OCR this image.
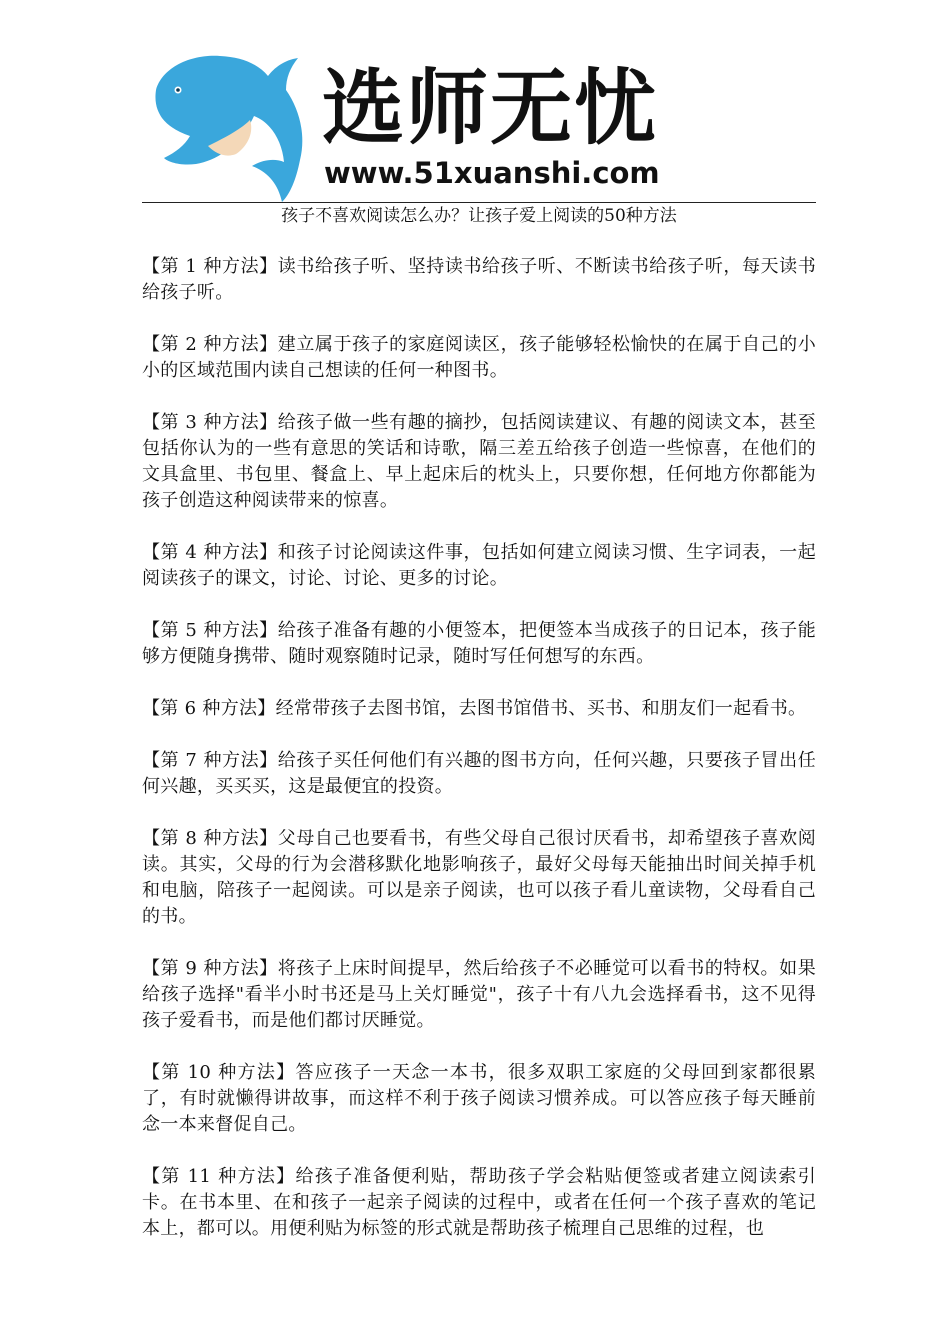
选师无忧
www.51xuanshi.com
孩子不喜欢阅读怎么办？让孩子爱上阅读的50种方法

【第 1 种方法】读书给孩子听、坚持读书给孩子听、不断读书给孩子听，每天读书给孩子听。

【第 2 种方法】建立属于孩子的家庭阅读区，孩子能够轻松愉快的在属于自己的小小的区域范围内读自己想读的任何一种图书。

【第 3 种方法】给孩子做一些有趣的摘抄，包括阅读建议、有趣的阅读文本，甚至包括你认为的一些有意思的笑话和诗歌，隔三差五给孩子创造一些惊喜，在他们的文具盒里、书包里、餐盒上、早上起床后的枕头上，只要你想，任何地方你都能为孩子创造这种阅读带来的惊喜。

【第 4 种方法】和孩子讨论阅读这件事，包括如何建立阅读习惯、生字词表，一起阅读孩子的课文，讨论、讨论、更多的讨论。

【第 5 种方法】给孩子准备有趣的小便签本，把便签本当成孩子的日记本，孩子能够方便随身携带、随时观察随时记录，随时写任何想写的东西。

【第 6 种方法】经常带孩子去图书馆，去图书馆借书、买书、和朋友们一起看书。

【第 7 种方法】给孩子买任何他们有兴趣的图书方向，任何兴趣，只要孩子冒出任何兴趣，买买买，这是最便宜的投资。

【第 8 种方法】父母自己也要看书，有些父母自己很讨厌看书，却希望孩子喜欢阅读。其实，父母的行为会潜移默化地影响孩子，最好父母每天能抽出时间关掉手机和电脑，陪孩子一起阅读。可以是亲子阅读，也可以孩子看儿童读物，父母看自己的书。

【第 9 种方法】将孩子上床时间提早，然后给孩子不必睡觉可以看书的特权。如果给孩子选择"看半小时书还是马上关灯睡觉"，孩子十有八九会选择看书，这不见得孩子爱看书，而是他们都讨厌睡觉。

【第 10 种方法】答应孩子一天念一本书，很多双职工家庭的父母回到家都很累了，有时就懒得讲故事，而这样不利于孩子阅读习惯养成。可以答应孩子每天睡前念一本来督促自己。

【第 11 种方法】给孩子准备便利贴，帮助孩子学会粘贴便签或者建立阅读索引卡。在书本里、在和孩子一起亲子阅读的过程中，或者在任何一个孩子喜欢的笔记本上，都可以。用便利贴为标签的形式就是帮助孩子梳理自己思维的过程，也
